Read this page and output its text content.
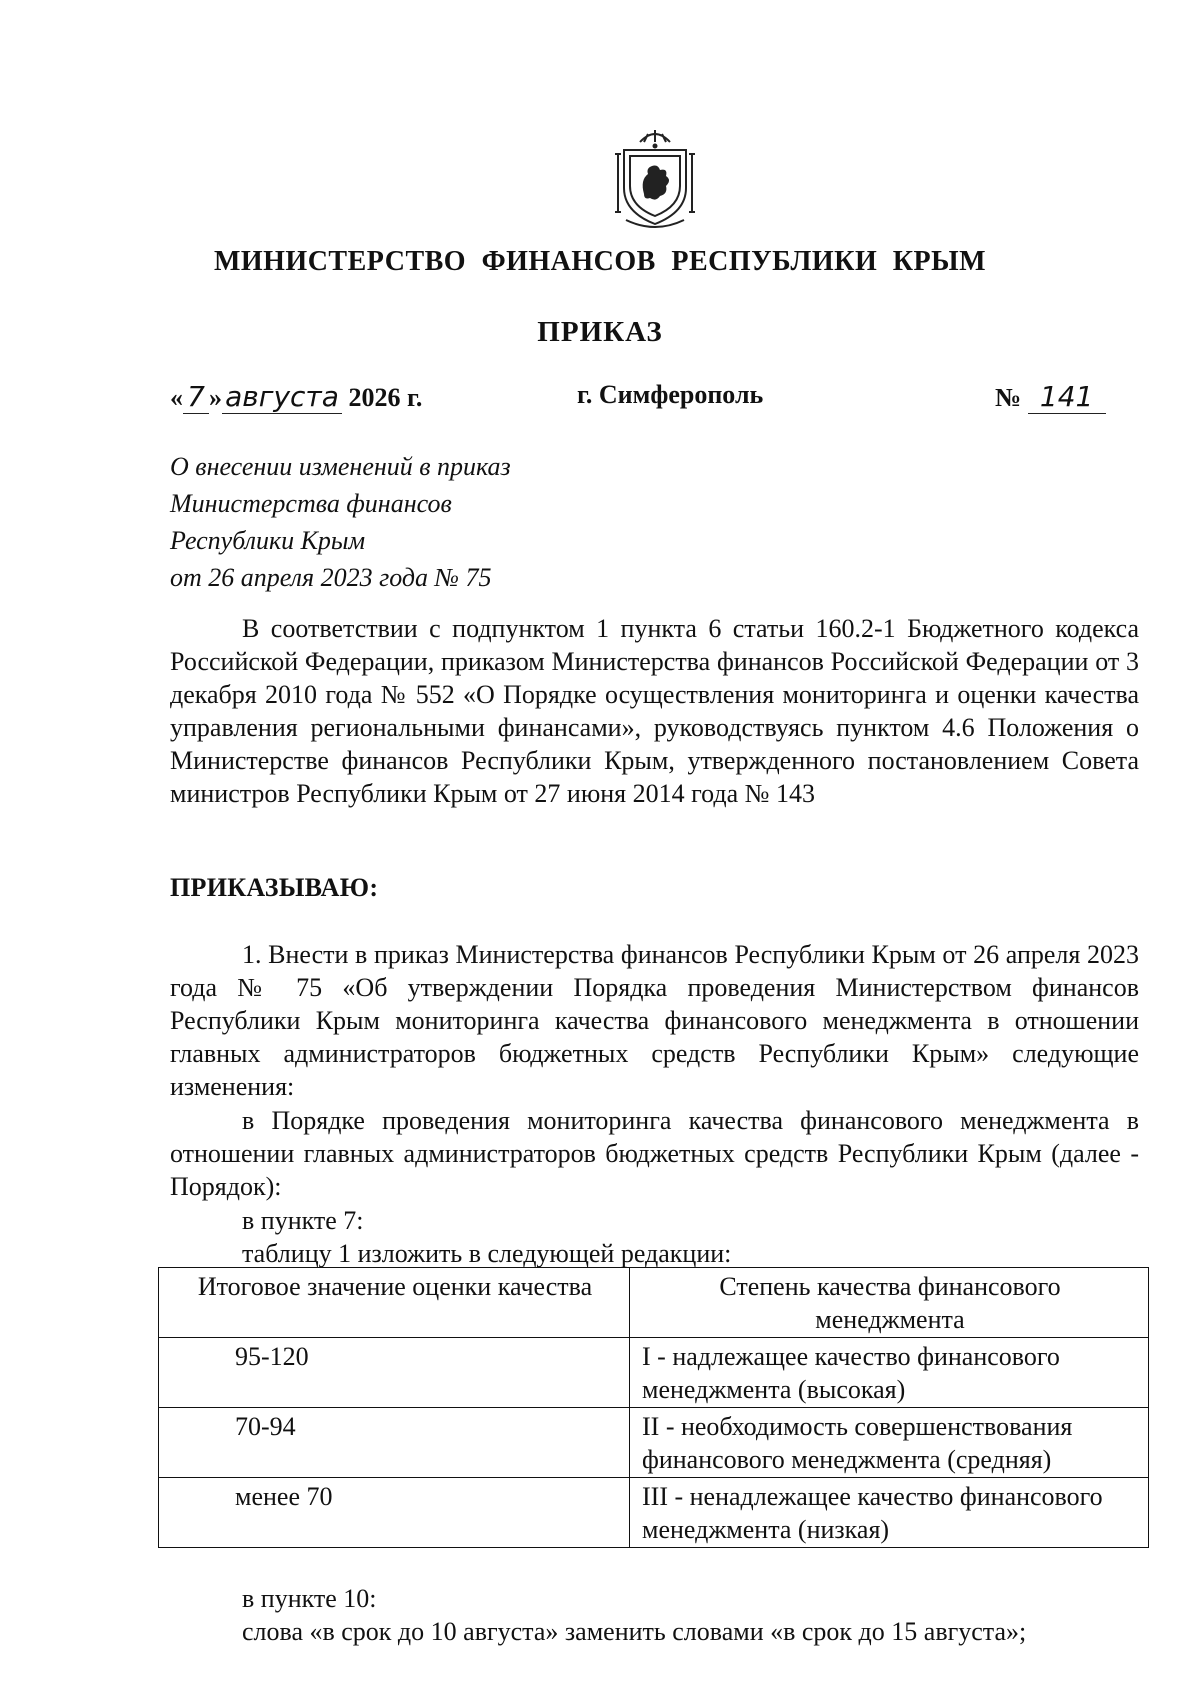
МИНИСТЕРСТВО ФИНАНСОВ РЕСПУБЛИКИ КРЫМ
ПРИКАЗ
« 7 » августа 2026 г.	г. Симферополь	№ 141
О внесении изменений в приказ
Министерства финансов
Республики Крым
от 26 апреля 2023 года № 75
В соответствии с подпунктом 1 пункта 6 статьи 160.2-1 Бюджетного кодекса Российской Федерации, приказом Министерства финансов Российской Федерации от 3 декабря 2010 года № 552 «О Порядке осуществления мониторинга и оценки качества управления региональными финансами», руководствуясь пунктом 4.6 Положения о Министерстве финансов Республики Крым, утвержденного постановлением Совета министров Республики Крым от 27 июня 2014 года № 143
ПРИКАЗЫВАЮ:
1. Внести в приказ Министерства финансов Республики Крым от 26 апреля 2023 года № 75 «Об утверждении Порядка проведения Министерством финансов Республики Крым мониторинга качества финансового менеджмента в отношении главных администраторов бюджетных средств Республики Крым» следующие изменения:
в Порядке проведения мониторинга качества финансового менеджмента в отношении главных администраторов бюджетных средств Республики Крым (далее - Порядок):
в пункте 7:
таблицу 1 изложить в следующей редакции:
Итоговое значение оценки качества	Степень качества финансового менеджмента
95-120	I - надлежащее качество финансового менеджмента (высокая)
70-94	II - необходимость совершенствования финансового менеджмента (средняя)
менее 70	III - ненадлежащее качество финансового менеджмента (низкая)
в пункте 10:
слова «в срок до 10 августа» заменить словами «в срок до 15 августа»;
